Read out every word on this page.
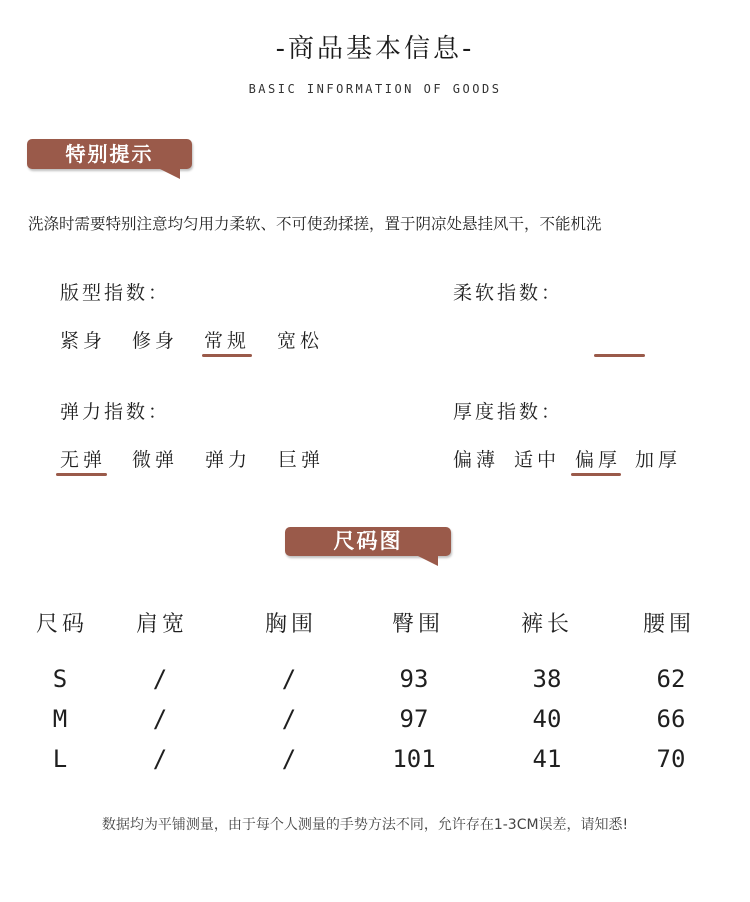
-商品基本信息-
BASIC INFORMATION OF GOODS
特别提示
洗涤时需要特别注意均匀用力柔软、不可使劲揉搓，置于阴凉处悬挂风干，不能机洗
版型指数：
紧身 修身 常规 宽松
柔软指数：
弹力指数：
无弹 微弹 弹力 巨弹
厚度指数：
偏薄 适中 偏厚 加厚
尺码图
尺码	肩宽	胸围	臀围	裤长	腰围
S	/	/	93	38	62
M	/	/	97	40	66
L	/	/	101	41	70
数据均为平铺测量，由于每个人测量的手势方法不同，允许存在1-3CM误差，请知悉!
